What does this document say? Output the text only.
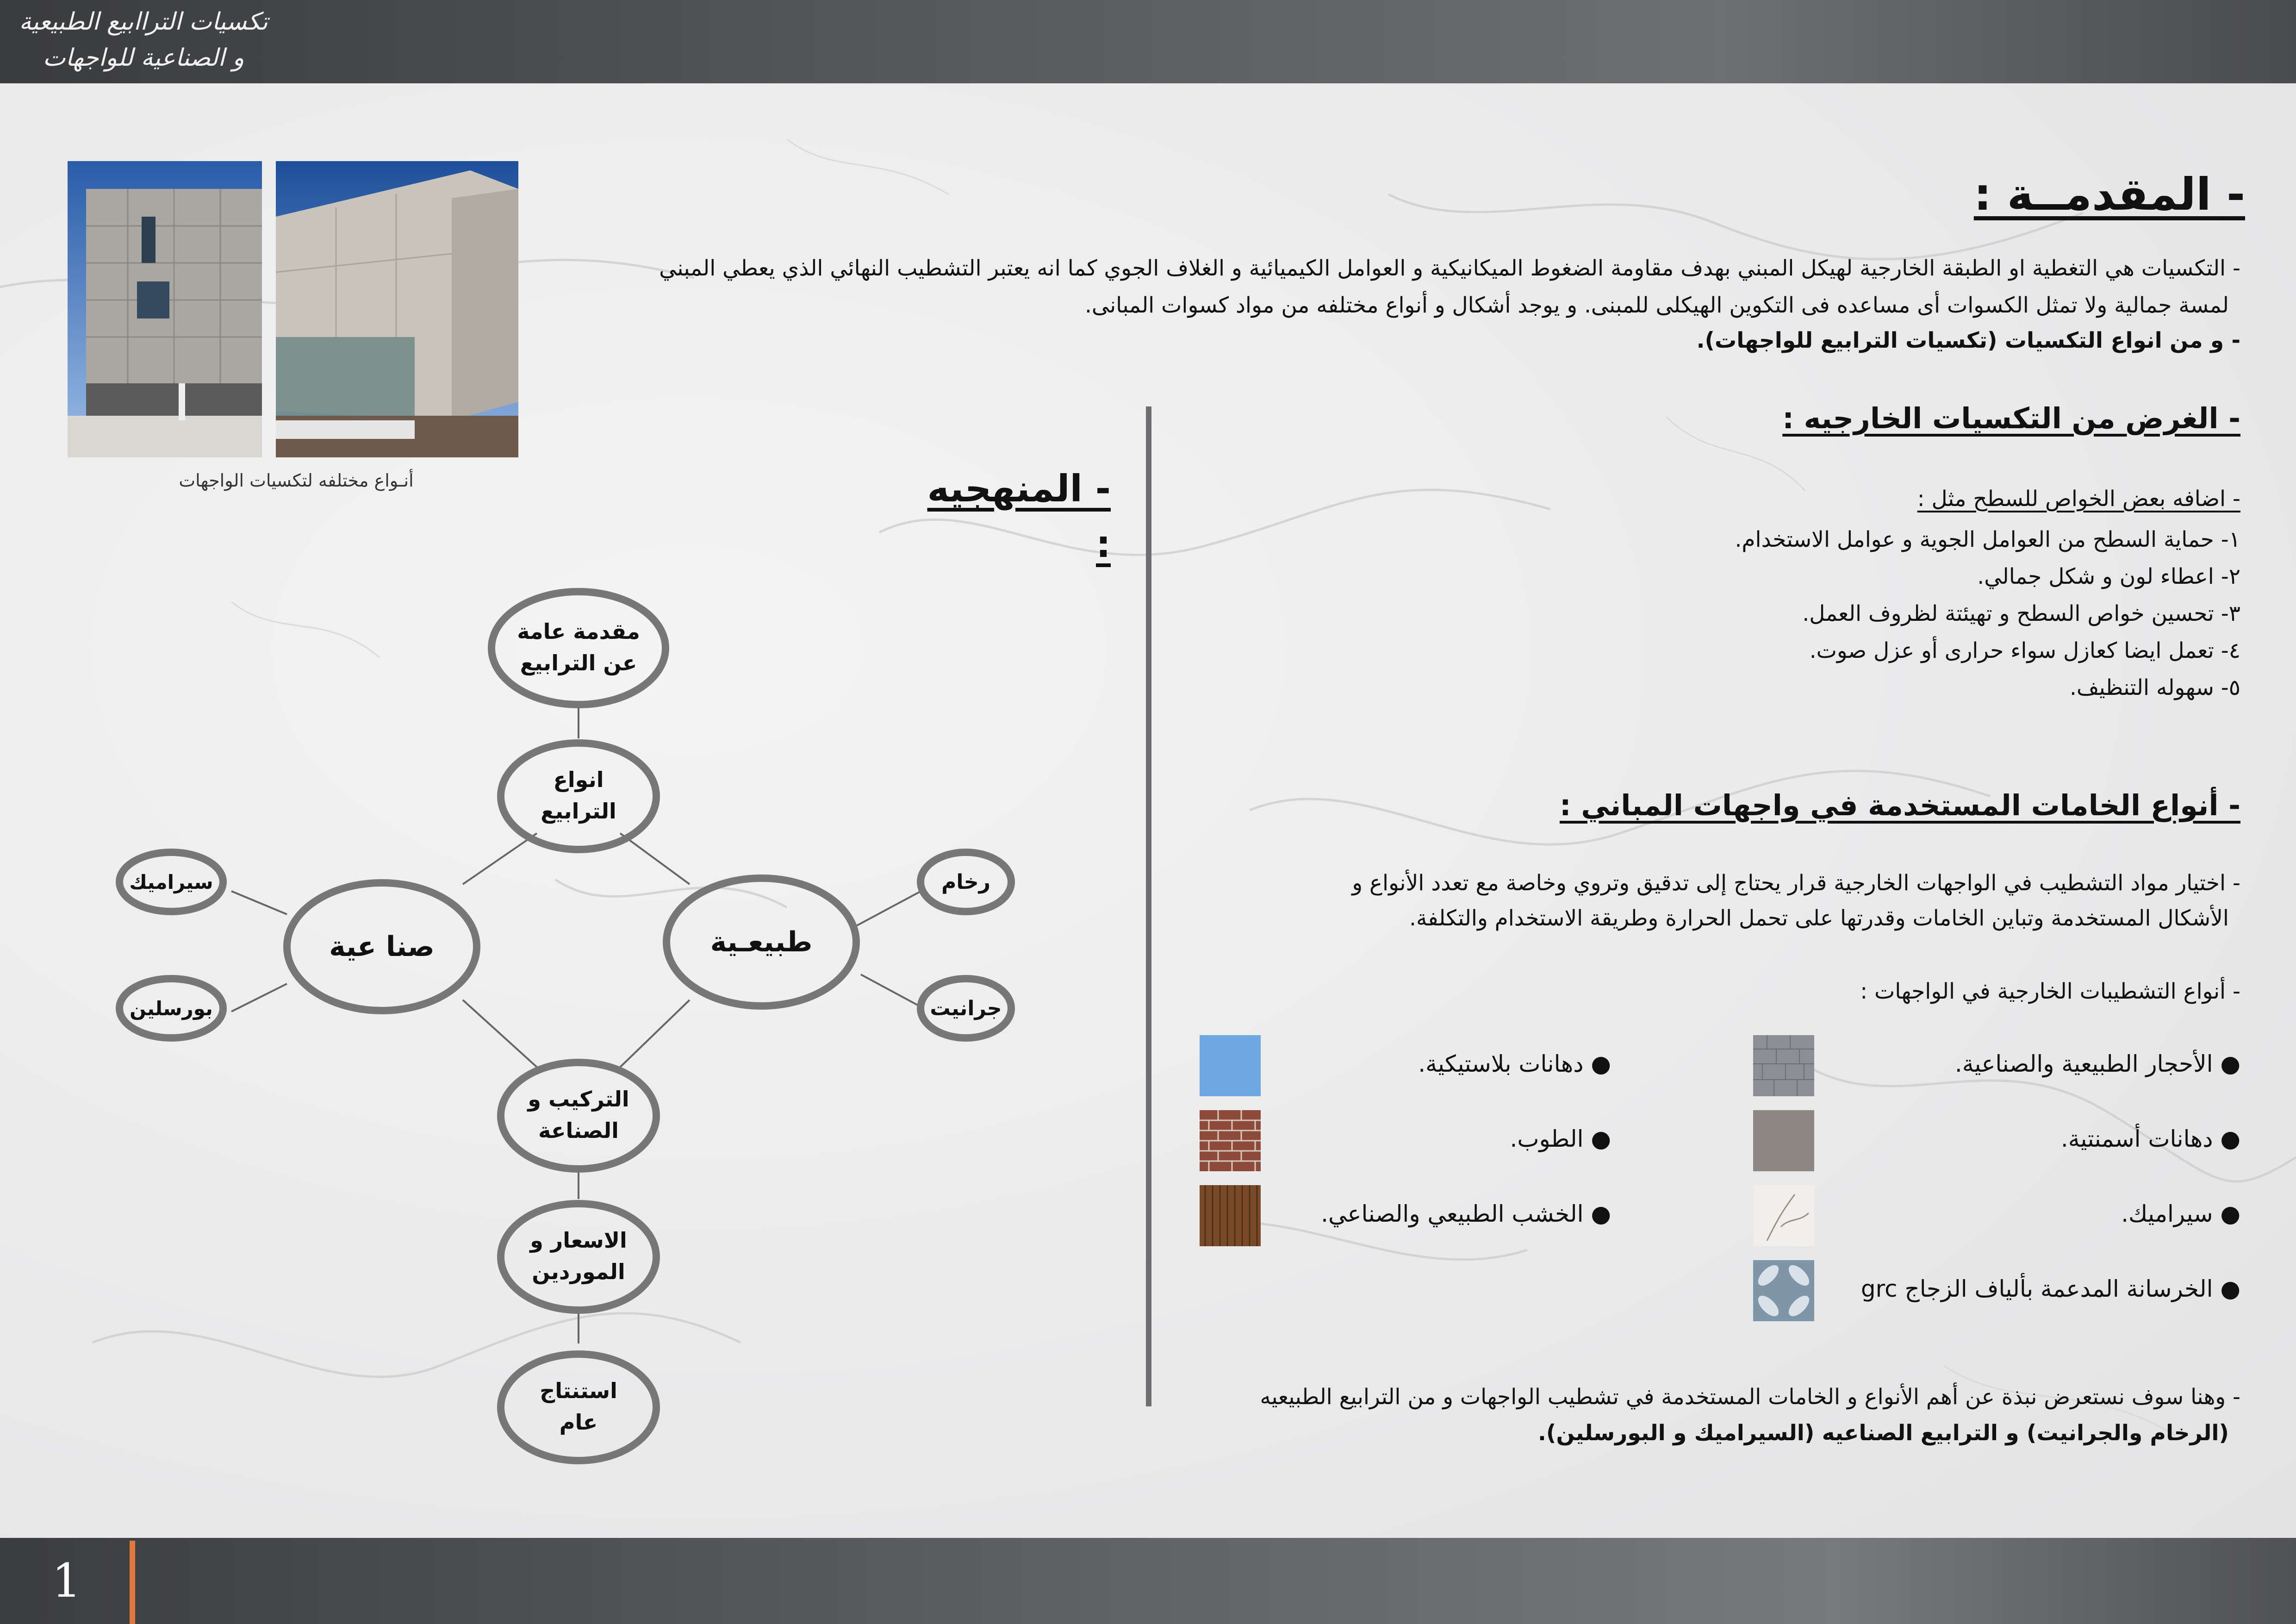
تكسيات التراابيع الطبيعية
و الصناعية للواجهات
- المقدمــة :
- التكسيات هي التغطية او الطبقة الخارجية لهيكل المبني بهدف مقاومة الضغوط الميكانيكية و العوامل الكيميائية و الغلاف الجوي كما انه يعتبر التشطيب النهائي الذي يعطي المبني
لمسة جمالية ولا تمثل الكسوات أى مساعده فى التكوين الهيكلى للمبنى. و يوجد أشكال و أنواع مختلفه من مواد كسوات المبانى.
- و من انواع التكسيات (تكسيات الترابيع للواجهات).
أنـواع مختلفه لتكسيات الواجهات
- الغرض من التكسيات الخارجيه :
- اضافه بعض الخواص للسطح مثل :
١- حماية السطح من العوامل الجوية و عوامل الاستخدام.
٢- اعطاء لون و شكل جمالي.
٣- تحسين خواص السطح و تهيئتة لظروف العمل.
٤- تعمل ايضا كعازل سواء حرارى أو عزل صوت.
٥- سهوله التنظيف.
- أنواع الخامات المستخدمة في واجهات المباني :
- اختيار مواد التشطيب في الواجهات الخارجية قرار يحتاج إلى تدقيق وتروي وخاصة مع تعدد الأنواع و
الأشكال المستخدمة وتباين الخامات وقدرتها على تحمل الحرارة وطريقة الاستخدام والتكلفة.
- أنواع التشطيبات الخارجية في الواجهات :
● الأحجار الطبيعية والصناعية.
● دهانات أسمنتية.
● سيراميك.
● الخرسانة المدعمة بألياف الزجاج grc
● دهانات بلاستيكية.
● الطوب.
● الخشب الطبيعي والصناعي.
- وهنا سوف نستعرض نبذة عن أهم الأنواع و الخامات المستخدمة في تشطيب الواجهات و من الترابيع الطبيعيه
(الرخام والجرانيت) و الترابيع الصناعيه (السيراميك و البورسلين).
- المنهجيه :
مقدمة عامة
عن الترابيع
انواع
الترابيع
طبيعـية
صنا عية
رخام
جرانيت
سيراميك
بورسلين
التركيب و
الصناعة
الاسعار و
الموردين
استنتاج
عام
1
